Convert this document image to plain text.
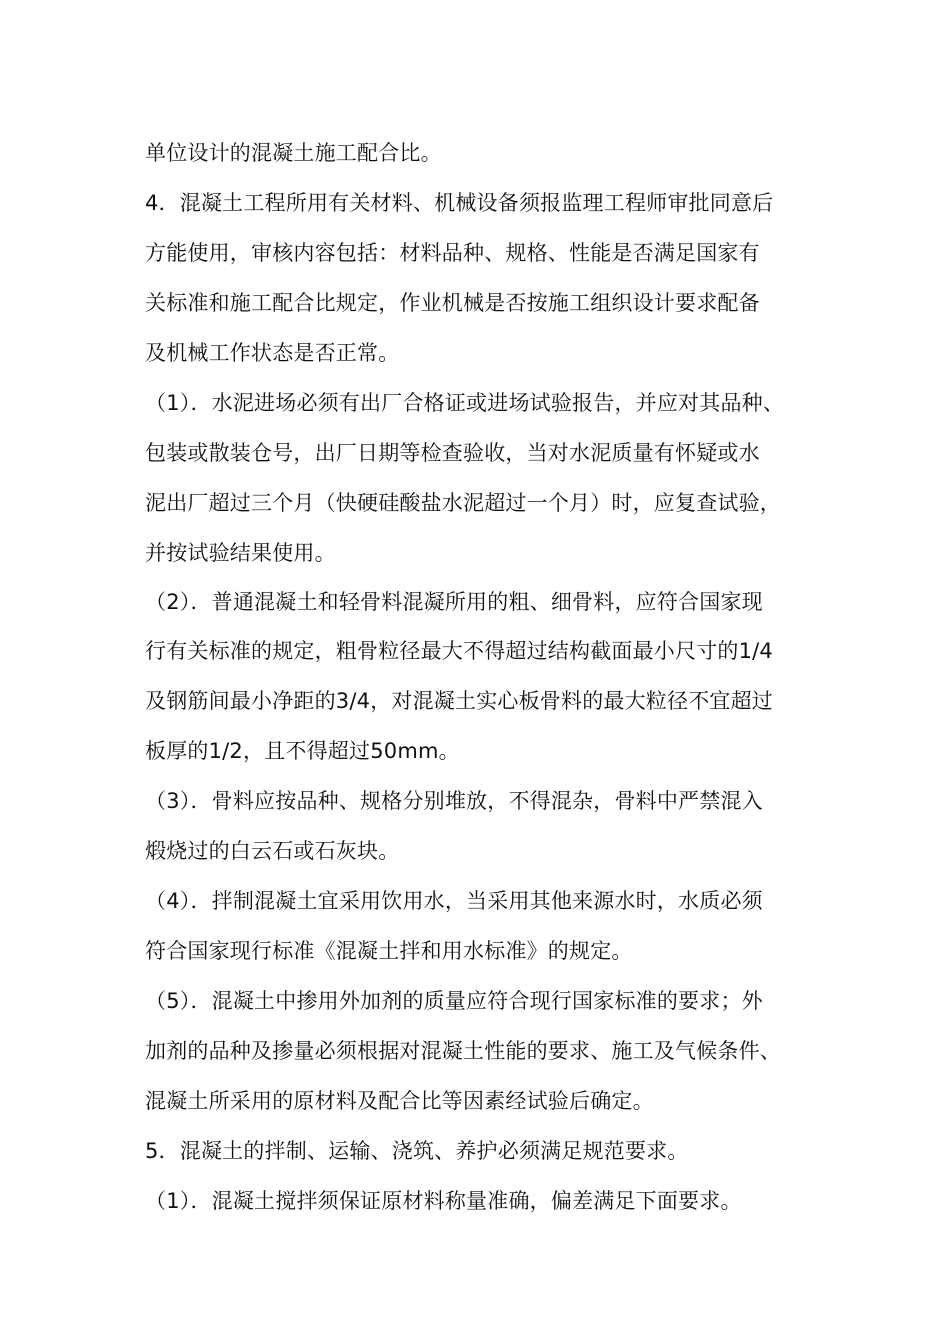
单位设计的混凝土施工配合比。
4．混凝土工程所用有关材料、机械设备须报监理工程师审批同意后
方能使用，审核内容包括：材料品种、规格、性能是否满足国家有
关标准和施工配合比规定，作业机械是否按施工组织设计要求配备
及机械工作状态是否正常。
（1）．水泥进场必须有出厂合格证或进场试验报告，并应对其品种、
包装或散装仓号，出厂日期等检查验收，当对水泥质量有怀疑或水
泥出厂超过三个月（快硬硅酸盐水泥超过一个月）时，应复查试验，
并按试验结果使用。
（2）．普通混凝土和轻骨料混凝所用的粗、细骨料，应符合国家现
行有关标准的规定，粗骨粒径最大不得超过结构截面最小尺寸的1/4
及钢筋间最小净距的3/4，对混凝土实心板骨料的最大粒径不宜超过
板厚的1/2，且不得超过50mm。
（3）．骨料应按品种、规格分别堆放，不得混杂，骨料中严禁混入
煅烧过的白云石或石灰块。
（4）．拌制混凝土宜采用饮用水，当采用其他来源水时，水质必须
符合国家现行标准《混凝土拌和用水标准》的规定。
（5）．混凝土中掺用外加剂的质量应符合现行国家标准的要求；外
加剂的品种及掺量必须根据对混凝土性能的要求、施工及气候条件、
混凝土所采用的原材料及配合比等因素经试验后确定。
5．混凝土的拌制、运输、浇筑、养护必须满足规范要求。
（1）．混凝土搅拌须保证原材料称量准确，偏差满足下面要求。
